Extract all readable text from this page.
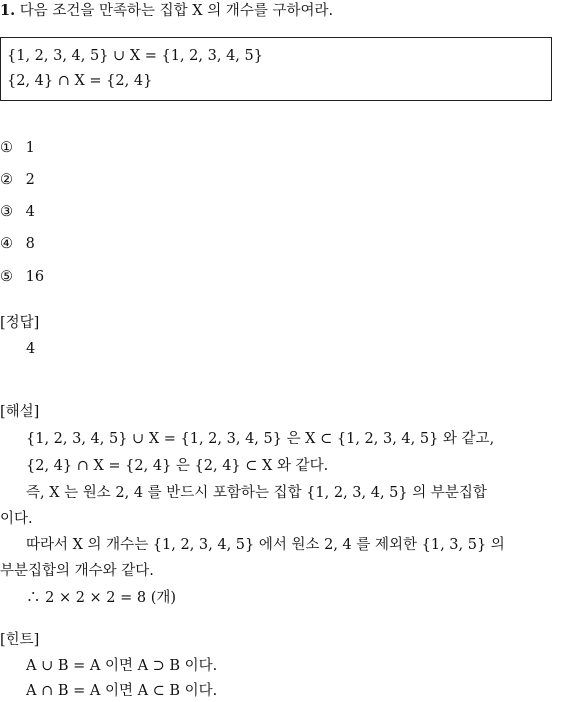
1. 다음 조건을 만족하는 집합 X 의 개수를 구하여라.
{1, 2, 3, 4, 5} ∪ X = {1, 2, 3, 4, 5}
{2, 4} ∩ X = {2, 4}
① 1
② 2
③ 4
④ 8
⑤ 16
[정답]
4
[해설]
{1, 2, 3, 4, 5} ∪ X = {1, 2, 3, 4, 5} 은 X ⊂ {1, 2, 3, 4, 5} 와 같고,
{2, 4} ∩ X = {2, 4} 은 {2, 4} ⊂ X 와 같다.
즉, X 는 원소 2, 4 를 반드시 포함하는 집합 {1, 2, 3, 4, 5} 의 부분집합
이다.
따라서 X 의 개수는 {1, 2, 3, 4, 5} 에서 원소 2, 4 를 제외한 {1, 3, 5} 의
부분집합의 개수와 같다.
∴ 2 × 2 × 2 = 8 (개)
[힌트]
A ∪ B = A 이면 A ⊃ B 이다.
A ∩ B = A 이면 A ⊂ B 이다.
